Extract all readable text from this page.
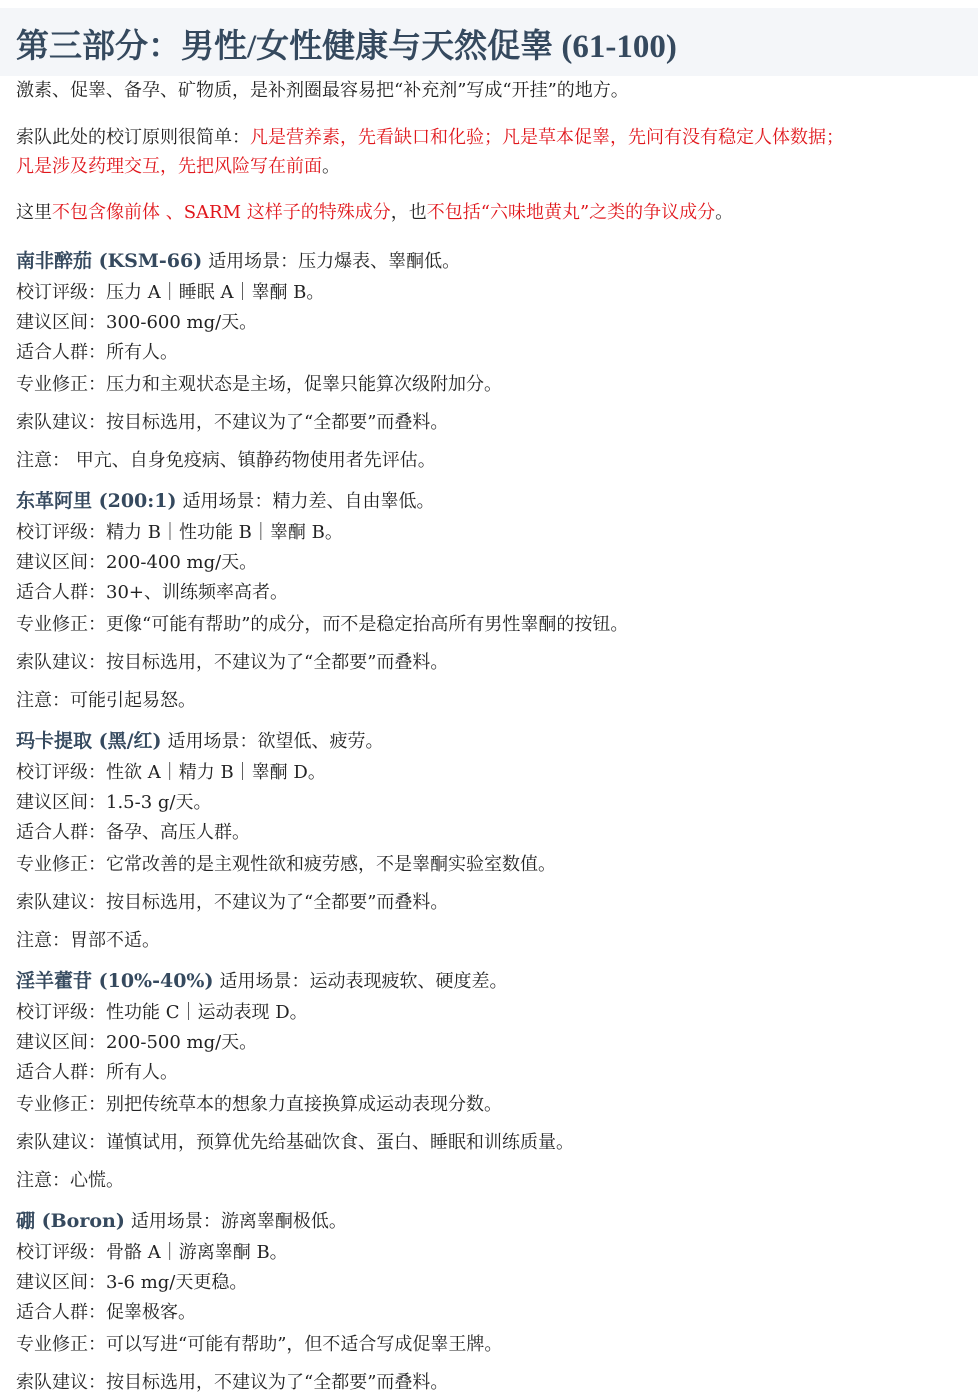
第三部分：男性/女性健康与天然促睾 (61-100)
激素、促睾、备孕、矿物质，是补剂圈最容易把“补充剂”写成“开挂”的地方。
索队此处的校订原则很简单：凡是营养素，先看缺口和化验；凡是草本促睾，先问有没有稳定人体数据；
凡是涉及药理交互，先把风险写在前面。
这里不包含像前体 、SARM 这样子的特殊成分，也不包括“六味地黄丸”之类的争议成分。
南非醉茄 (KSM-66) 适用场景：压力爆表、睾酮低。
校订评级：压力 A｜睡眠 A｜睾酮 B。
建议区间：300-600 mg/天。
适合人群：所有人。
专业修正：压力和主观状态是主场，促睾只能算次级附加分。
索队建议：按目标选用，不建议为了“全都要”而叠料。
注意： 甲亢、自身免疫病、镇静药物使用者先评估。
东革阿里 (200:1) 适用场景：精力差、自由睾低。
校订评级：精力 B｜性功能 B｜睾酮 B。
建议区间：200-400 mg/天。
适合人群：30+、训练频率高者。
专业修正：更像“可能有帮助”的成分，而不是稳定抬高所有男性睾酮的按钮。
索队建议：按目标选用，不建议为了“全都要”而叠料。
注意：可能引起易怒。
玛卡提取 (黑/红) 适用场景：欲望低、疲劳。
校订评级：性欲 A｜精力 B｜睾酮 D。
建议区间：1.5-3 g/天。
适合人群：备孕、高压人群。
专业修正：它常改善的是主观性欲和疲劳感，不是睾酮实验室数值。
索队建议：按目标选用，不建议为了“全都要”而叠料。
注意：胃部不适。
淫羊藿苷 (10%-40%) 适用场景：运动表现疲软、硬度差。
校订评级：性功能 C｜运动表现 D。
建议区间：200-500 mg/天。
适合人群：所有人。
专业修正：别把传统草本的想象力直接换算成运动表现分数。
索队建议：谨慎试用，预算优先给基础饮食、蛋白、睡眠和训练质量。
注意：心慌。
硼 (Boron) 适用场景：游离睾酮极低。
校订评级：骨骼 A｜游离睾酮 B。
建议区间：3-6 mg/天更稳。
适合人群：促睾极客。
专业修正：可以写进“可能有帮助”，但不适合写成促睾王牌。
索队建议：按目标选用，不建议为了“全都要”而叠料。
